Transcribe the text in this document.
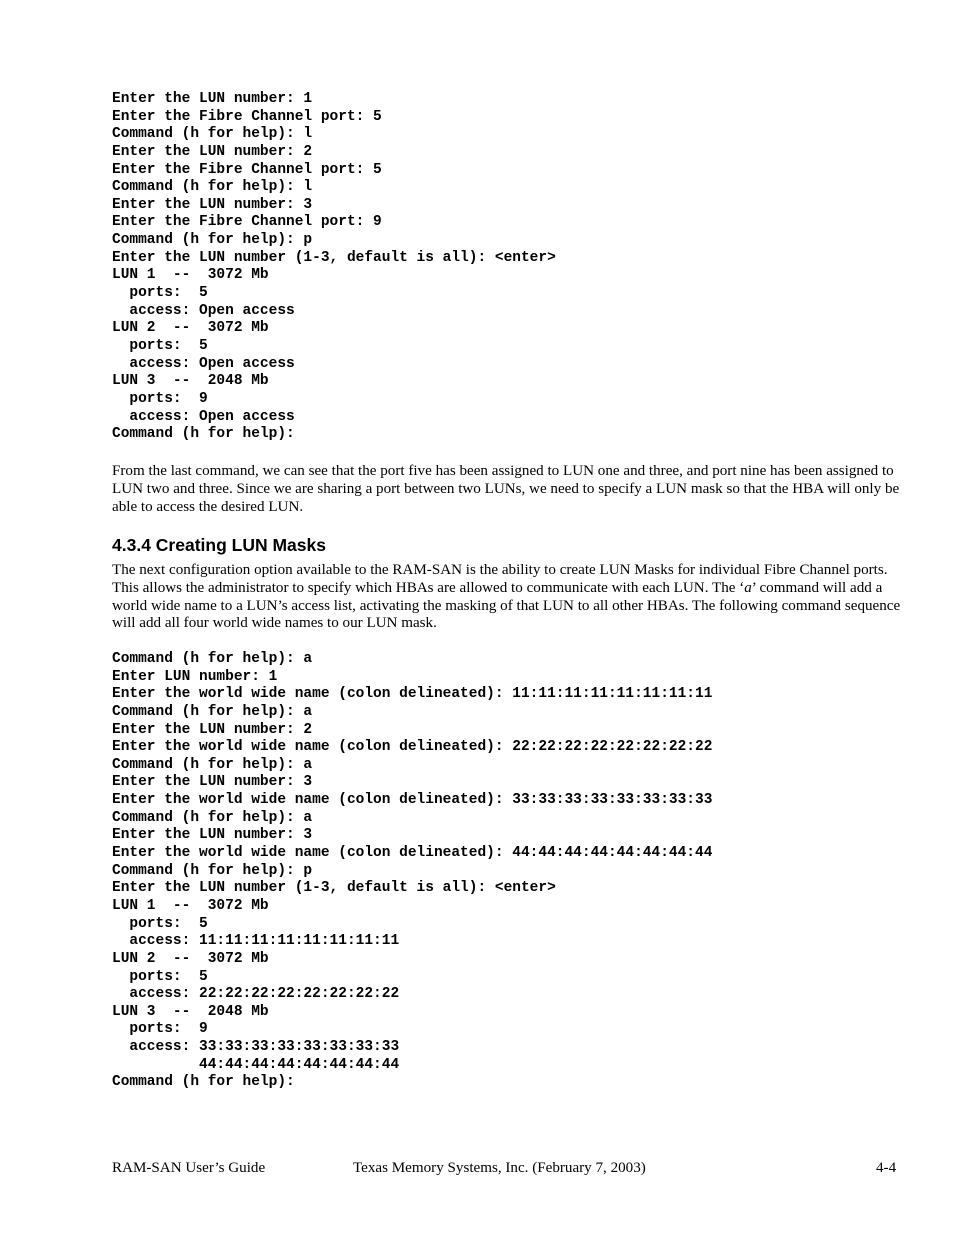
Enter the LUN number: 1
Enter the Fibre Channel port: 5
Command (h for help): l
Enter the LUN number: 2
Enter the Fibre Channel port: 5
Command (h for help): l
Enter the LUN number: 3
Enter the Fibre Channel port: 9
Command (h for help): p
Enter the LUN number (1-3, default is all): <enter>
LUN 1  --  3072 Mb
ports:  5
access: Open access
LUN 2  --  3072 Mb
ports:  5
access: Open access
LUN 3  --  2048 Mb
ports:  9
access: Open access
Command (h for help):

From the last command, we can see that the port five has been assigned to LUN one and three, and port nine has been assigned to LUN two and three. Since we are sharing a port between two LUNs, we need to specify a LUN mask so that the HBA will only be able to access the desired LUN.

4.3.4 Creating LUN Masks

The next configuration option available to the RAM-SAN is the ability to create LUN Masks for individual Fibre Channel ports. This allows the administrator to specify which HBAs are allowed to communicate with each LUN. The ‘a’ command will add a world wide name to a LUN’s access list, activating the masking of that LUN to all other HBAs. The following command sequence will add all four world wide names to our LUN mask.

Command (h for help): a
Enter LUN number: 1
Enter the world wide name (colon delineated): 11:11:11:11:11:11:11:11
Command (h for help): a
Enter the LUN number: 2
Enter the world wide name (colon delineated): 22:22:22:22:22:22:22:22
Command (h for help): a
Enter the LUN number: 3
Enter the world wide name (colon delineated): 33:33:33:33:33:33:33:33
Command (h for help): a
Enter the LUN number: 3
Enter the world wide name (colon delineated): 44:44:44:44:44:44:44:44
Command (h for help): p
Enter the LUN number (1-3, default is all): <enter>
LUN 1  --  3072 Mb
ports:  5
access: 11:11:11:11:11:11:11:11
LUN 2  --  3072 Mb
ports:  5
access: 22:22:22:22:22:22:22:22
LUN 3  --  2048 Mb
ports:  9
access: 33:33:33:33:33:33:33:33
44:44:44:44:44:44:44:44
Command (h for help):
RAM-SAN User’s Guide	Texas Memory Systems, Inc. (February 7, 2003)	4-4
